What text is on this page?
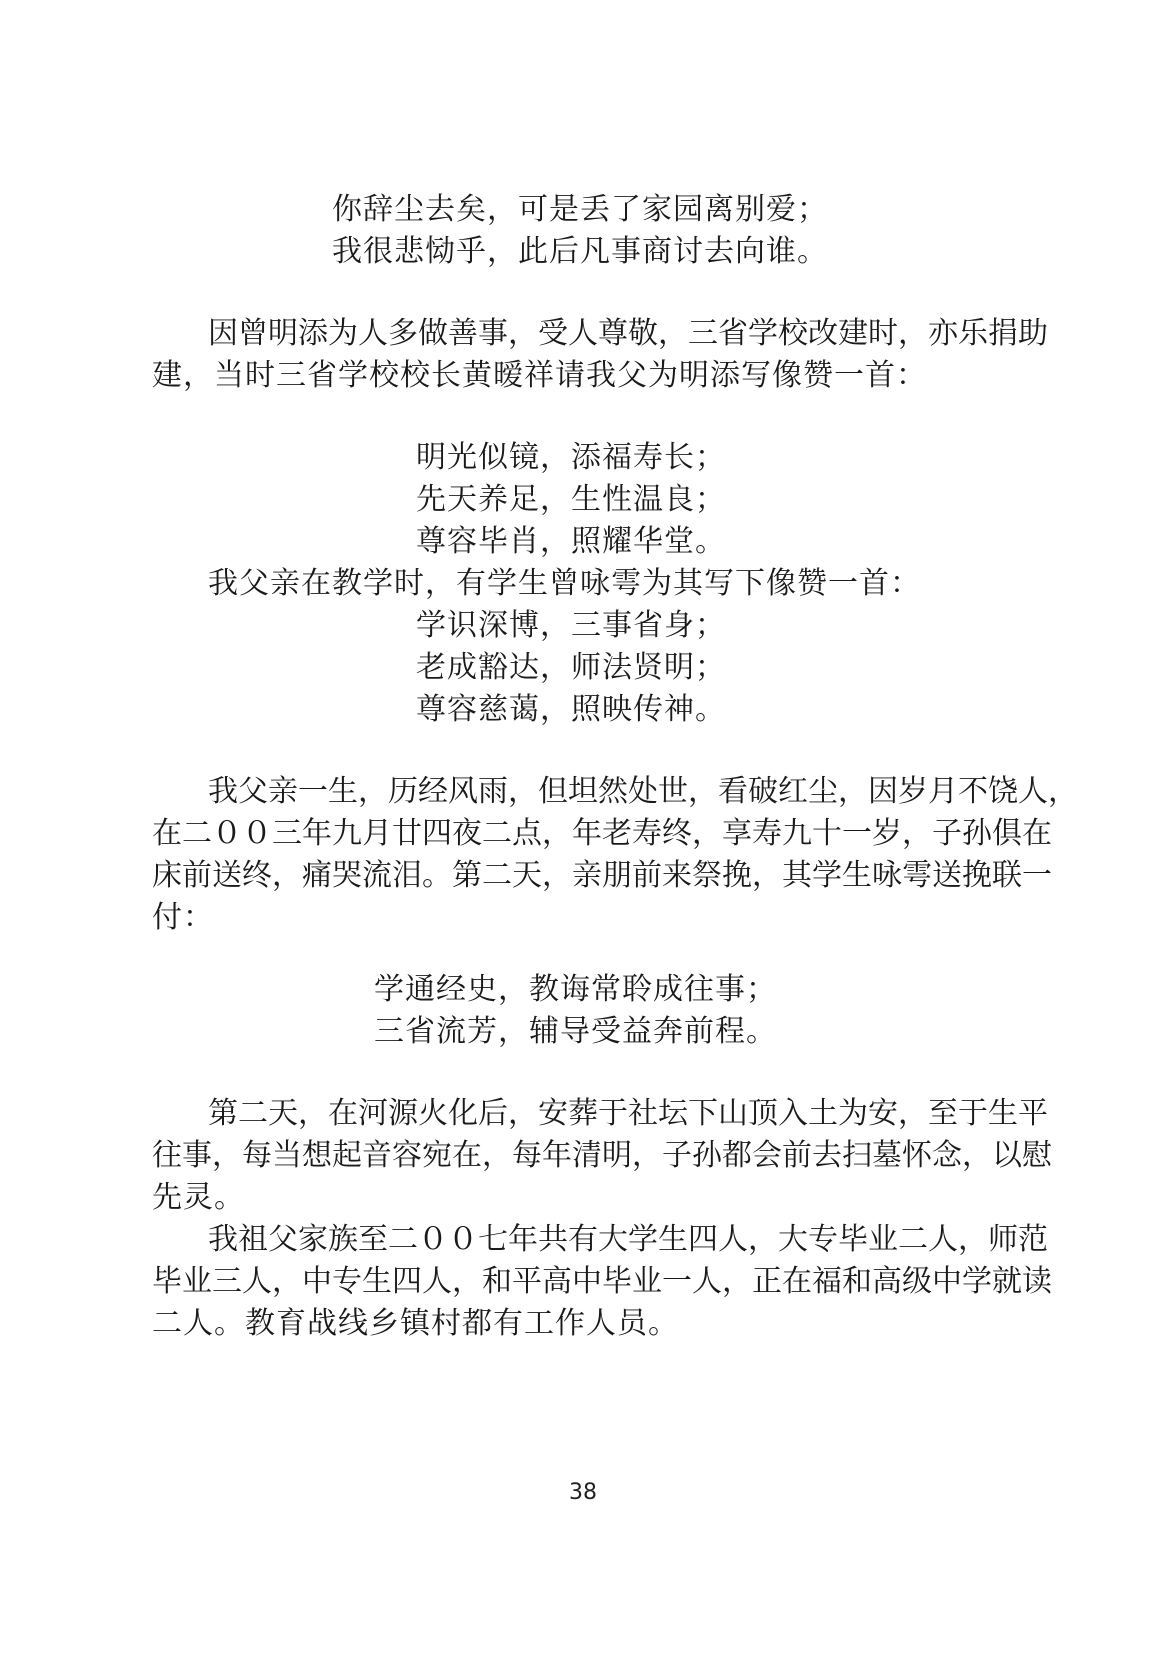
你辞尘去矣，可是丢了家园离别爱；
我很悲恸乎，此后凡事商讨去向谁。
因曾明添为人多做善事，受人尊敬，三省学校改建时，亦乐捐助
建，当时三省学校校长黄暧祥请我父为明添写像赞一首：
明光似镜，添福寿长；
先天养足，生性温良；
尊容毕肖，照耀华堂。
我父亲在教学时，有学生曾咏雩为其写下像赞一首：
学识深博，三事省身；
老成豁达，师法贤明；
尊容慈蔼，照映传神。
我父亲一生，历经风雨，但坦然处世，看破红尘，因岁月不饶人，
在二００三年九月廿四夜二点，年老寿终，享寿九十一岁，子孙俱在
床前送终，痛哭流泪。第二天，亲朋前来祭挽，其学生咏雩送挽联一
付：
学通经史，教诲常聆成往事；
三省流芳，辅导受益奔前程。
第二天，在河源火化后，安葬于社坛下山顶入土为安，至于生平
往事，每当想起音容宛在，每年清明，子孙都会前去扫墓怀念，以慰
先灵。
我祖父家族至二００七年共有大学生四人，大专毕业二人，师范
毕业三人，中专生四人，和平高中毕业一人，正在福和高级中学就读
二人。教育战线乡镇村都有工作人员。
38
